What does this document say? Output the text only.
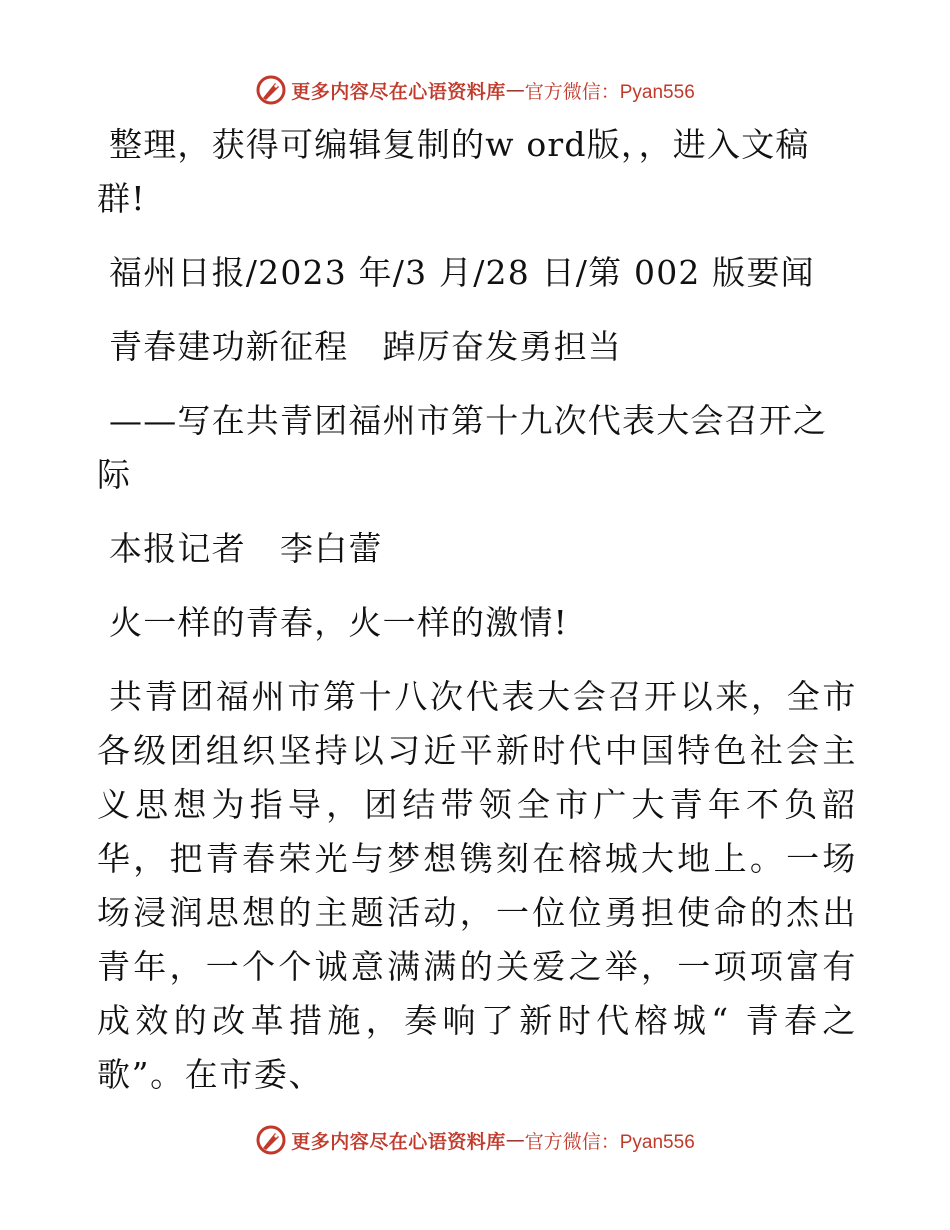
更多内容尽在心语资料库 — 官方微信：Pyan556

整理，获得可编辑复制的w ord版，，进入文稿群!

福州日报/2023 年/3 月/28 日/第 002 版要闻

青春建功新征程　踔厉奋发勇担当

——写在共青团福州市第十九次代表大会召开之际

本报记者　李白蕾

火一样的青春，火一样的激情!

共青团福州市第十八次代表大会召开以来，全市各级团组织坚持以习近平新时代中国特色社会主义思想为指导，团结带领全市广大青年不负韶华，把青春荣光与梦想镌刻在榕城大地上。一场场浸润思想的主题活动，一位位勇担使命的杰出青年，一个个诚意满满的关爱之举，一项项富有成效的改革措施，奏响了新时代榕城“ 青春之歌”。在市委、

更多内容尽在心语资料库 — 官方微信：Pyan556
